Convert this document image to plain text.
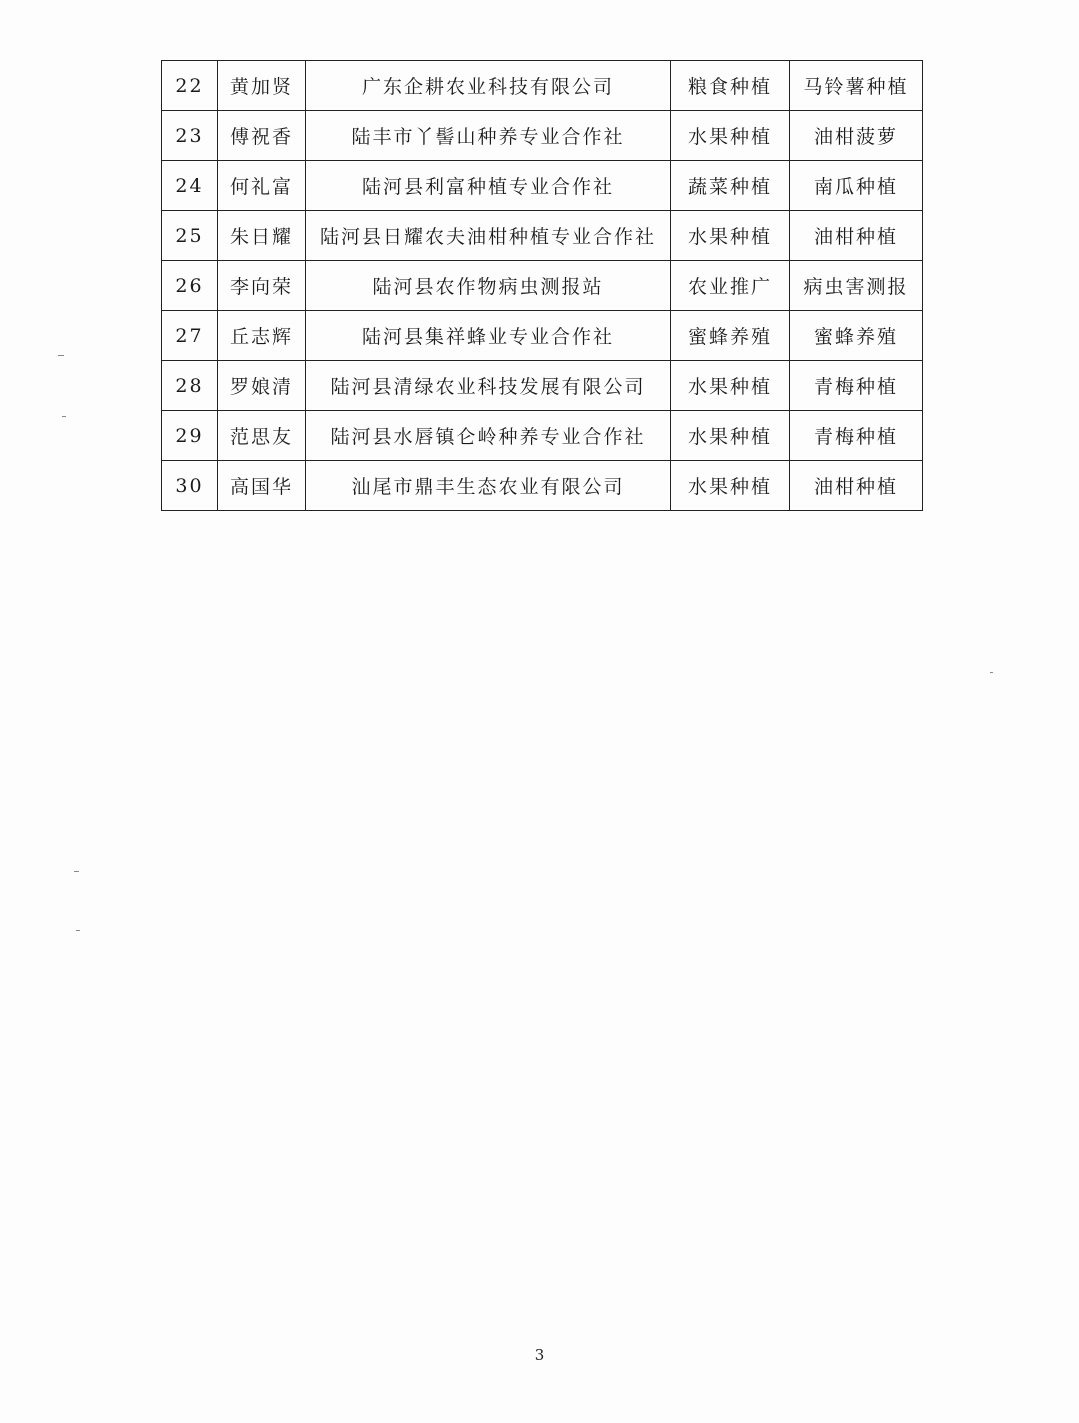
22	黄加贤	广东企耕农业科技有限公司	粮食种植	马铃薯种植
23	傅祝香	陆丰市丫髻山种养专业合作社	水果种植	油柑菠萝
24	何礼富	陆河县利富种植专业合作社	蔬菜种植	南瓜种植
25	朱日耀	陆河县日耀农夫油柑种植专业合作社	水果种植	油柑种植
26	李向荣	陆河县农作物病虫测报站	农业推广	病虫害测报
27	丘志辉	陆河县集祥蜂业专业合作社	蜜蜂养殖	蜜蜂养殖
28	罗娘清	陆河县清绿农业科技发展有限公司	水果种植	青梅种植
29	范思友	陆河县水唇镇仑岭种养专业合作社	水果种植	青梅种植
30	高国华	汕尾市鼎丰生态农业有限公司	水果种植	油柑种植
3
